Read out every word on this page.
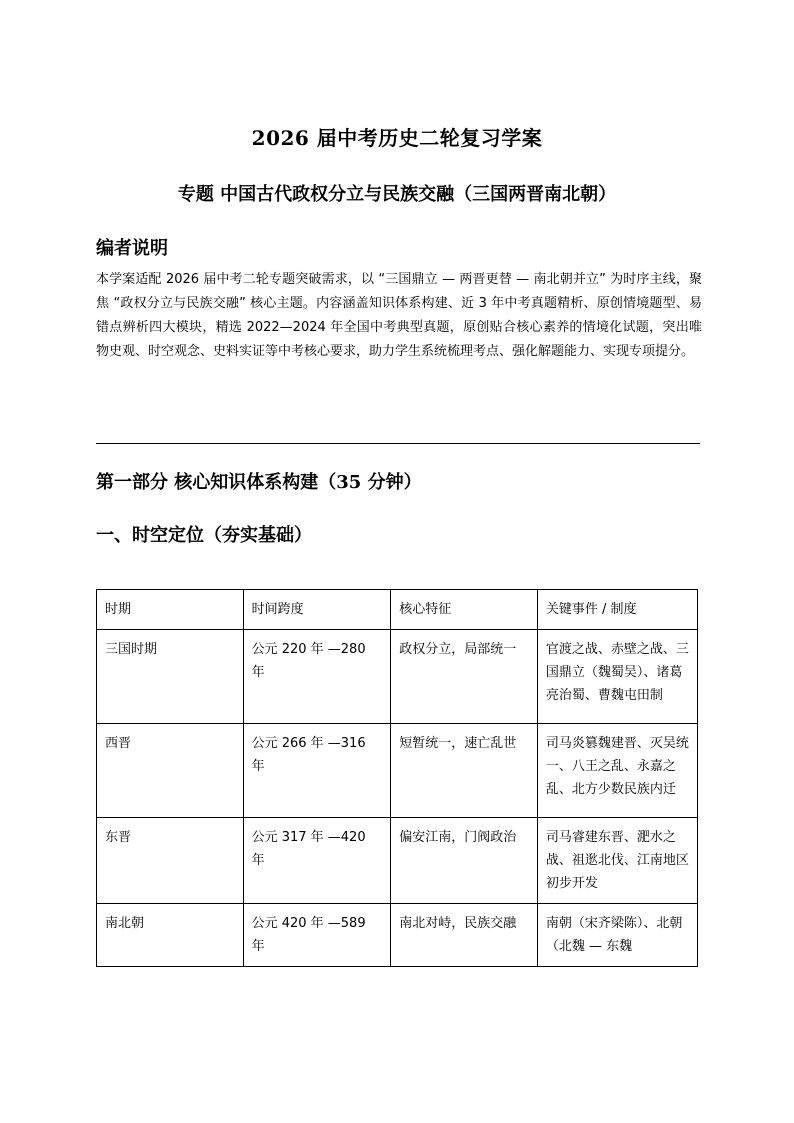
2026 届中考历史二轮复习学案
专题 中国古代政权分立与民族交融（三国两晋南北朝）
编者说明
本学案适配 2026 届中考二轮专题突破需求，以 “三国鼎立 — 两晋更替 — 南北朝并立” 为时序主线，聚焦 “政权分立与民族交融” 核心主题。内容涵盖知识体系构建、近 3 年中考真题精析、原创情境题型、易错点辨析四大模块，精选 2022—2024 年全国中考典型真题，原创贴合核心素养的情境化试题，突出唯物史观、时空观念、史料实证等中考核心要求，助力学生系统梳理考点、强化解题能力、实现专项提分。
第一部分 核心知识体系构建（35 分钟）
一、时空定位（夯实基础）
时期	时间跨度	核心特征	关键事件 / 制度
三国时期	公元 220 年 —280 年	政权分立，局部统一	官渡之战、赤壁之战、三国鼎立（魏蜀吴）、诸葛亮治蜀、曹魏屯田制
西晋	公元 266 年 —316 年	短暂统一，速亡乱世	司马炎篡魏建晋、灭吴统一、八王之乱、永嘉之乱、北方少数民族内迁
东晋	公元 317 年 —420 年	偏安江南，门阀政治	司马睿建东晋、淝水之战、祖逖北伐、江南地区初步开发
南北朝	公元 420 年 —589 年	南北对峙，民族交融	南朝（宋齐梁陈）、北朝（北魏 — 东魏
